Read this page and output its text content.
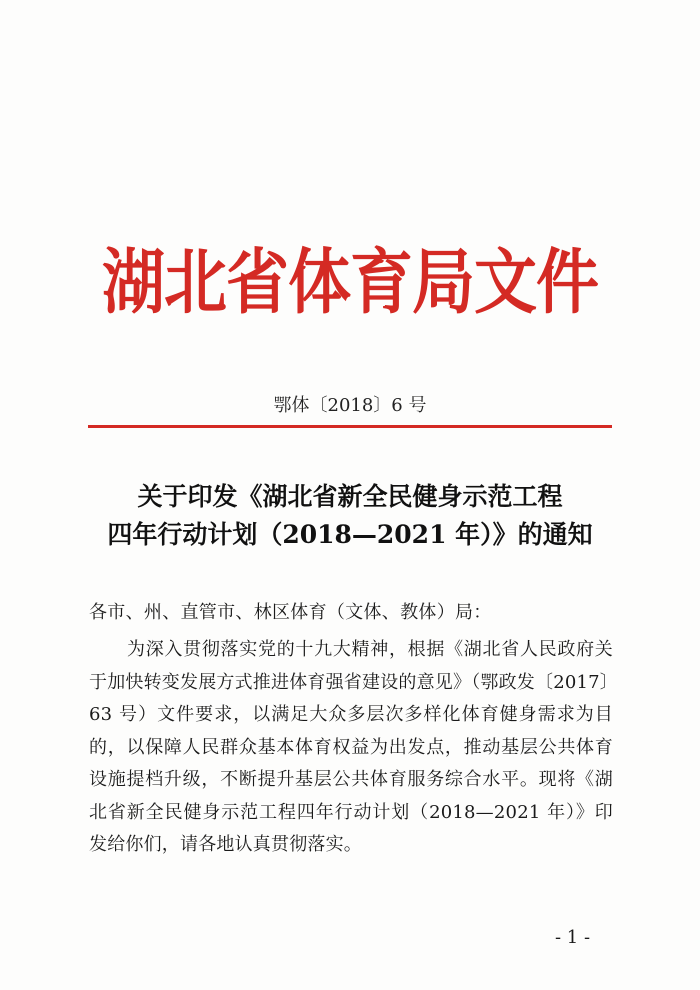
湖北省体育局文件
鄂体〔2018〕6 号
关于印发《湖北省新全民健身示范工程
四年行动计划（2018—2021 年）》的通知
各市、州、直管市、林区体育（文体、教体）局：
为深入贯彻落实党的十九大精神，根据《湖北省人民政府关
于加快转变发展方式推进体育强省建设的意见》（鄂政发〔2017〕
63 号）文件要求，以满足大众多层次多样化体育健身需求为目
的，以保障人民群众基本体育权益为出发点，推动基层公共体育
设施提档升级，不断提升基层公共体育服务综合水平。现将《湖
北省新全民健身示范工程四年行动计划（2018—2021 年）》印
发给你们，请各地认真贯彻落实。
- 1 -
